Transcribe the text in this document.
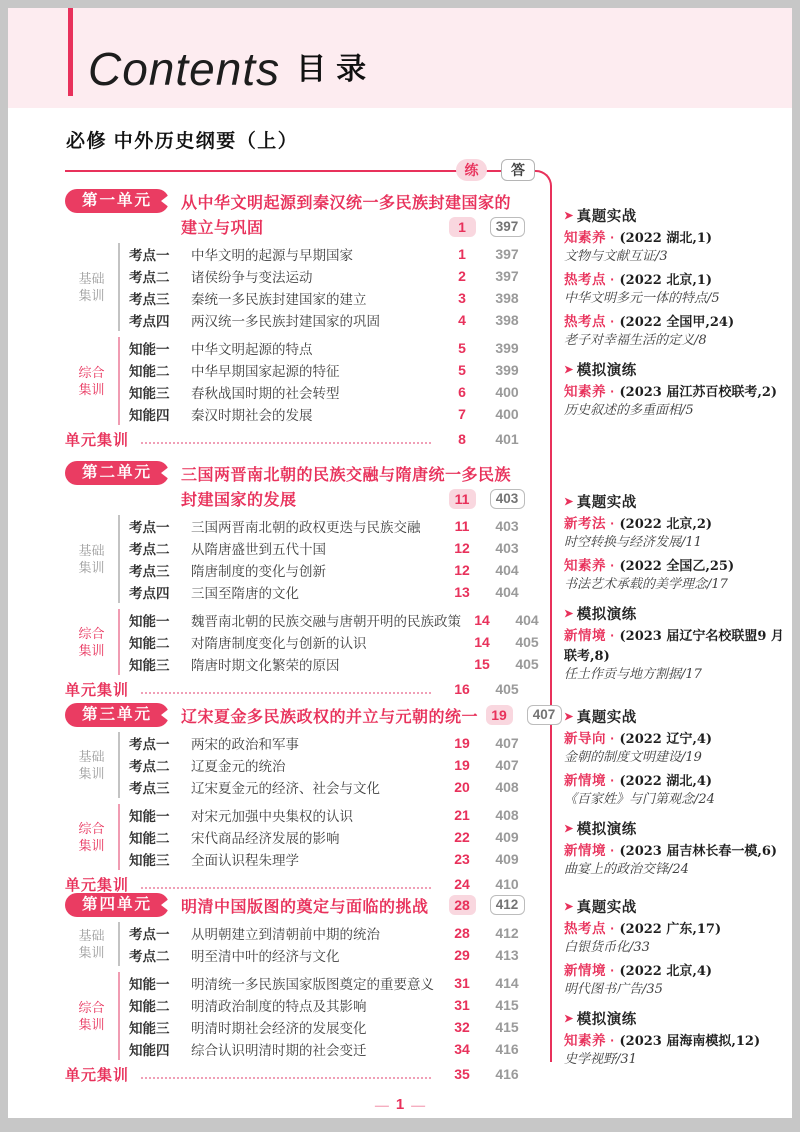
Contents 目录
必修 中外历史纲要（上）
练	答
第一单元	从中华文明起源到秦汉统一多民族封建国家的
建立与巩固	1	397
基础
集训
考点一	中华文明的起源与早期国家	1	397
考点二	诸侯纷争与变法运动	2	397
考点三	秦统一多民族封建国家的建立	3	398
考点四	两汉统一多民族封建国家的巩固	4	398
综合
集训
知能一	中华文明起源的特点	5	399
知能二	中华早期国家起源的特征	5	399
知能三	春秋战国时期的社会转型	6	400
知能四	秦汉时期社会的发展	7	400
单元集训	8	401
第二单元	三国两晋南北朝的民族交融与隋唐统一多民族
封建国家的发展	11	403
基础
集训
考点一	三国两晋南北朝的政权更迭与民族交融	11	403
考点二	从隋唐盛世到五代十国	12	403
考点三	隋唐制度的变化与创新	12	404
考点四	三国至隋唐的文化	13	404
综合
集训
知能一	魏晋南北朝的民族交融与唐朝开明的民族政策 14	404
知能二	对隋唐制度变化与创新的认识	14	405
知能三	隋唐时期文化繁荣的原因	15	405
单元集训	16	405
第三单元	辽宋夏金多民族政权的并立与元朝的统一 19	407
基础
集训
考点一	两宋的政治和军事	19	407
考点二	辽夏金元的统治	19	407
考点三	辽宋夏金元的经济、社会与文化	20	408
综合
集训
知能一	对宋元加强中央集权的认识	21	408
知能二	宋代商品经济发展的影响	22	409
知能三	全面认识程朱理学	23	409
单元集训	24	410
第四单元	明清中国版图的奠定与面临的挑战	28	412
基础
集训
考点一	从明朝建立到清朝前中期的统治	28	412
考点二	明至清中叶的经济与文化	29	413
综合
集训
知能一	明清统一多民族国家版图奠定的重要意义	31	414
知能二	明清政治制度的特点及其影响	31	415
知能三	明清时期社会经济的发展变化	32	415
知能四	综合认识明清时期的社会变迁	34	416
单元集训	35	416
➤ 真题实战
知素养 · (2022 湖北,1)
文物与文献互证/3
热考点 · (2022 北京,1)
中华文明多元一体的特点/5
热考点 · (2022 全国甲,24)
老子对幸福生活的定义/8
➤ 模拟演练
知素养 · (2023 届江苏百校联考,2)
历史叙述的多重面相/5
➤ 真题实战
新考法 · (2022 北京,2)
时空转换与经济发展/11
知素养 · (2022 全国乙,25)
书法艺术承载的美学理念/17
➤ 模拟演练
新情境 · (2023 届辽宁名校联盟9 月联考,8)
任土作贡与地方割据/17
➤ 真题实战
新导向 · (2022 辽宁,4)
金朝的制度文明建设/19
新情境 · (2022 湖北,4)
《百家姓》与门第观念/24
➤ 模拟演练
新情境 · (2023 届吉林长春一模,6)
曲宴上的政治交锋/24
➤ 真题实战
热考点 · (2022 广东,17)
白银货币化/33
新情境 · (2022 北京,4)
明代图书广告/35
➤ 模拟演练
知素养 · (2023 届海南模拟,12)
史学视野/31
— 1
—
